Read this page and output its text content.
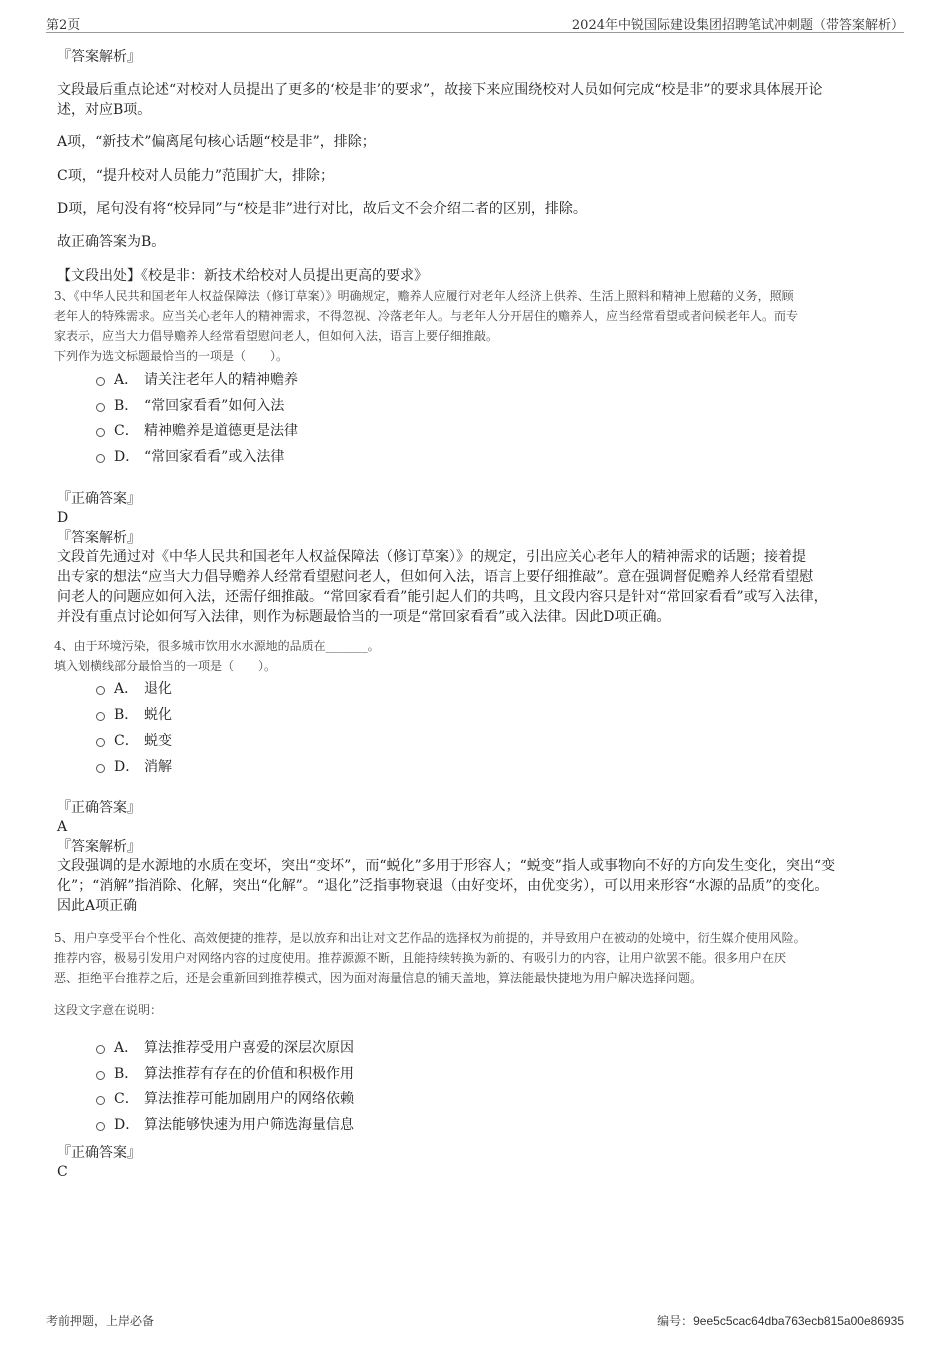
第2页	2024年中锐国际建设集团招聘笔试冲刺题（带答案解析）
『答案解析』
文段最后重点论述“对校对人员提出了更多的‘校是非’的要求”，故接下来应围绕校对人员如何完成“校是非”的要求具体展开论
述，对应B项。
A项，“新技术”偏离尾句核心话题“校是非”，排除；
C项，“提升校对人员能力”范围扩大，排除；
D项，尾句没有将“校异同”与“校是非”进行对比，故后文不会介绍二者的区别，排除。
故正确答案为B。
【文段出处】《校是非：新技术给校对人员提出更高的要求》
3、《中华人民共和国老年人权益保障法（修订草案）》明确规定，赡养人应履行对老年人经济上供养、生活上照料和精神上慰藉的义务，照顾
老年人的特殊需求。应当关心老年人的精神需求，不得忽视、冷落老年人。与老年人分开居住的赡养人，应当经常看望或者问候老年人。而专
家表示，应当大力倡导赡养人经常看望慰问老人，但如何入法，语言上要仔细推敲。
下列作为选文标题最恰当的一项是（　　）。
A． 请关注老年人的精神赡养
B． “常回家看看”如何入法
C． 精神赡养是道德更是法律
D． “常回家看看”或入法律
『正确答案』
D
『答案解析』
文段首先通过对《中华人民共和国老年人权益保障法（修订草案）》的规定，引出应关心老年人的精神需求的话题；接着提
出专家的想法“应当大力倡导赡养人经常看望慰问老人，但如何入法，语言上要仔细推敲”。意在强调督促赡养人经常看望慰
问老人的问题应如何入法，还需仔细推敲。“常回家看看”能引起人们的共鸣，且文段内容只是针对“常回家看看”或写入法律，
并没有重点讨论如何写入法律，则作为标题最恰当的一项是“常回家看看”或入法律。因此D项正确。
4、由于环境污染，很多城市饮用水水源地的品质在_______。
填入划横线部分最恰当的一项是（　　）。
A． 退化
B． 蜕化
C． 蜕变
D． 消解
『正确答案』
A
『答案解析』
文段强调的是水源地的水质在变坏，突出“变坏”，而“蜕化”多用于形容人；“蜕变”指人或事物向不好的方向发生变化，突出“变
化”；“消解”指消除、化解，突出“化解”。“退化”泛指事物衰退（由好变坏，由优变劣），可以用来形容“水源的品质”的变化。
因此A项正确
5、用户享受平台个性化、高效便捷的推荐，是以放弃和出让对文艺作品的选择权为前提的，并导致用户在被动的处境中，衍生媒介使用风险。
推荐内容，极易引发用户对网络内容的过度使用。推荐源源不断，且能持续转换为新的、有吸引力的内容，让用户欲罢不能。很多用户在厌
恶、拒绝平台推荐之后，还是会重新回到推荐模式，因为面对海量信息的铺天盖地，算法能最快捷地为用户解决选择问题。
这段文字意在说明：
A． 算法推荐受用户喜爱的深层次原因
B． 算法推荐有存在的价值和积极作用
C． 算法推荐可能加剧用户的网络依赖
D． 算法能够快速为用户筛选海量信息
『正确答案』
C
考前押题，上岸必备	编号：9ee5c5cac64dba763ecb815a00e86935
